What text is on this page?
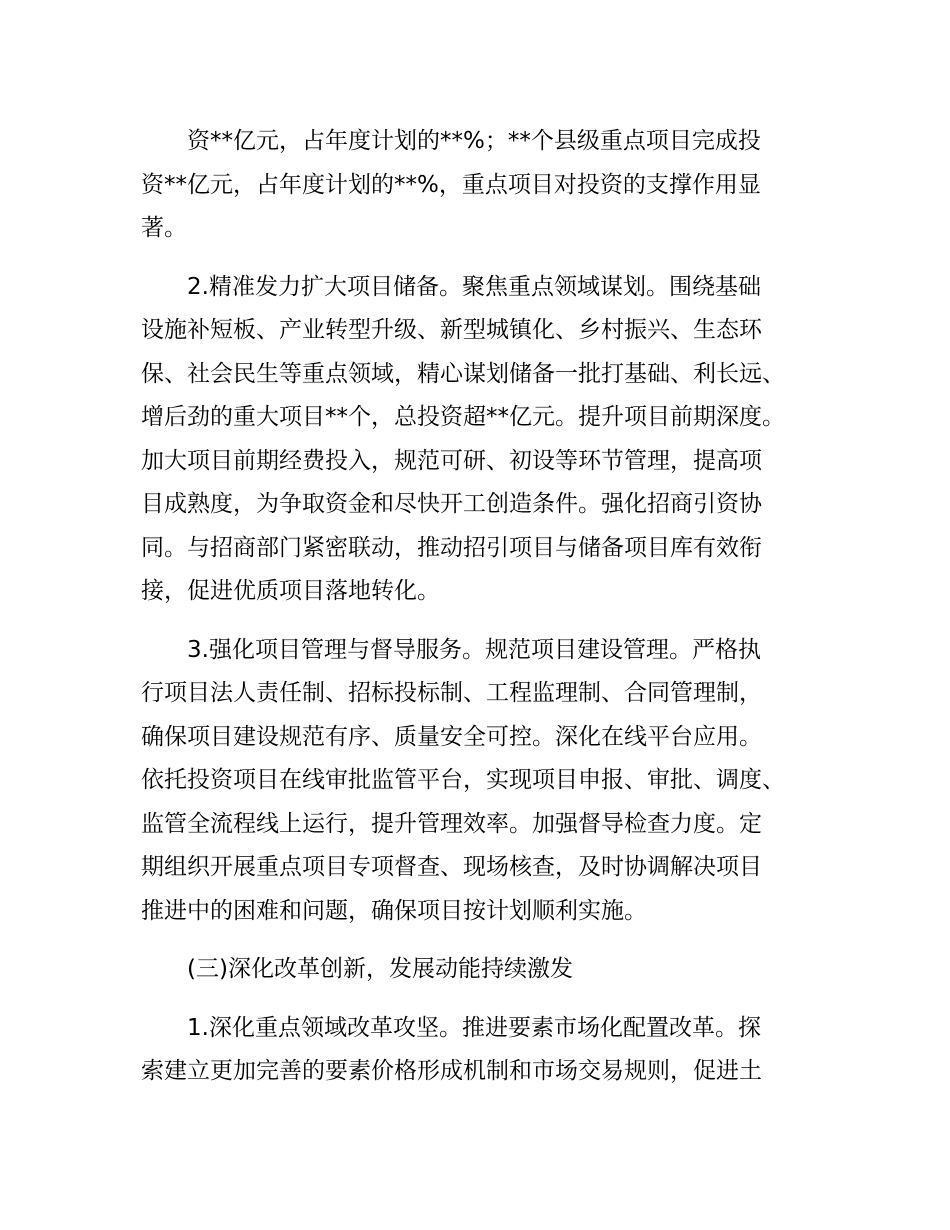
资**亿元，占年度计划的**%；**个县级重点项目完成投
资**亿元，占年度计划的**%，重点项目对投资的支撑作用显
著。
2.精准发力扩大项目储备。聚焦重点领域谋划。围绕基础
设施补短板、产业转型升级、新型城镇化、乡村振兴、生态环
保、社会民生等重点领域，精心谋划储备一批打基础、利长远、
增后劲的重大项目**个，总投资超**亿元。提升项目前期深度。
加大项目前期经费投入，规范可研、初设等环节管理，提高项
目成熟度，为争取资金和尽快开工创造条件。强化招商引资协
同。与招商部门紧密联动，推动招引项目与储备项目库有效衔
接，促进优质项目落地转化。
3.强化项目管理与督导服务。规范项目建设管理。严格执
行项目法人责任制、招标投标制、工程监理制、合同管理制，
确保项目建设规范有序、质量安全可控。深化在线平台应用。
依托投资项目在线审批监管平台，实现项目申报、审批、调度、
监管全流程线上运行，提升管理效率。加强督导检查力度。定
期组织开展重点项目专项督查、现场核查，及时协调解决项目
推进中的困难和问题，确保项目按计划顺利实施。
(三)深化改革创新，发展动能持续激发
1.深化重点领域改革攻坚。推进要素市场化配置改革。探
索建立更加完善的要素价格形成机制和市场交易规则，促进土
